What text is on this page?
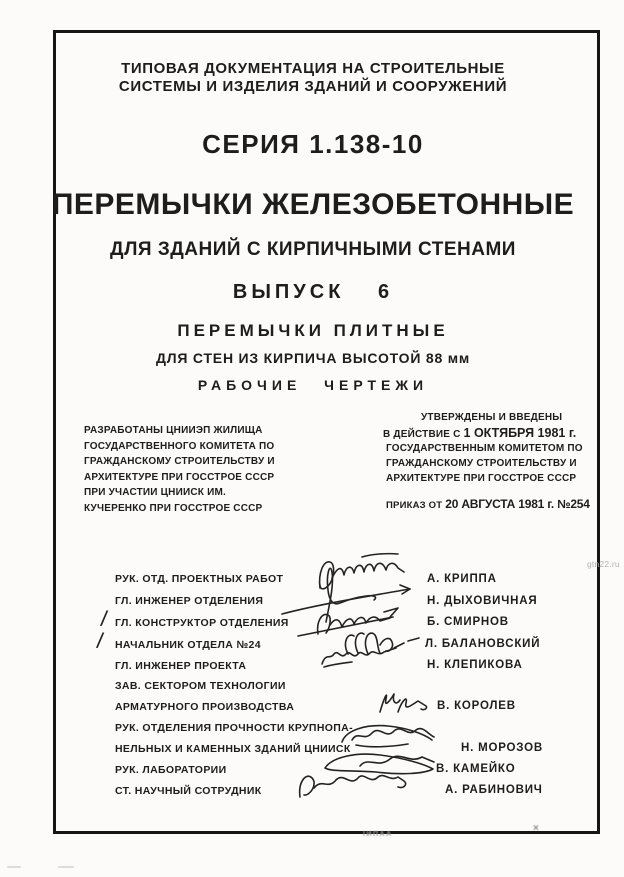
ТИПОВАЯ ДОКУМЕНТАЦИЯ НА СТРОИТЕЛЬНЫЕ
СИСТЕМЫ И ИЗДЕЛИЯ ЗДАНИЙ И СООРУЖЕНИЙ
СЕРИЯ 1.138-10
ПЕРЕМЫЧКИ ЖЕЛЕЗОБЕТОННЫЕ
ДЛЯ ЗДАНИЙ С КИРПИЧНЫМИ СТЕНАМИ
ВЫПУСК 6
ПЕРЕМЫЧКИ ПЛИТНЫЕ
ДЛЯ СТЕН ИЗ КИРПИЧА ВЫСОТОЙ 88 мм
РАБОЧИЕ ЧЕРТЕЖИ
РАЗРАБОТАНЫ ЦНИИЭП ЖИЛИЩА
ГОСУДАРСТВЕННОГО КОМИТЕТА ПО
ГРАЖДАНСКОМУ СТРОИТЕЛЬСТВУ И
АРХИТЕКТУРЕ ПРИ ГОССТРОЕ СССР
ПРИ УЧАСТИИ ЦНИИСК ИМ.
КУЧЕРЕНКО ПРИ ГОССТРОЕ СССР
УТВЕРЖДЕНЫ И ВВЕДЕНЫ
В ДЕЙСТВИЕ С 1 ОКТЯБРЯ 1981 г.
ГОСУДАРСТВЕННЫМ КОМИТЕТОМ ПО
ГРАЖДАНСКОМУ СТРОИТЕЛЬСТВУ И
АРХИТЕКТУРЕ ПРИ ГОССТРОЕ СССР
ПРИКАЗ ОТ 20 АВГУСТА 1981 г. №254
/
/
РУК. ОТД. ПРОЕКТНЫХ РАБОТ
ГЛ. ИНЖЕНЕР ОТДЕЛЕНИЯ
ГЛ. КОНСТРУКТОР ОТДЕЛЕНИЯ
НАЧАЛЬНИК ОТДЕЛА №24
ГЛ. ИНЖЕНЕР ПРОЕКТА
ЗАВ. СЕКТОРОМ ТЕХНОЛОГИИ
АРМАТУРНОГО ПРОИЗВОДСТВА
РУК. ОТДЕЛЕНИЯ ПРОЧНОСТИ КРУПНОПА-
НЕЛЬНЫХ И КАМЕННЫХ ЗДАНИЙ ЦНИИСК
РУК. ЛАБОРАТОРИИ
СТ. НАУЧНЫЙ СОТРУДНИК
А. КРИППА
Н. ДЫХОВИЧНАЯ
Б. СМИРНОВ
Л. БАЛАНОВСКИЙ
Н. КЛЕПИКОВА
В. КОРОЛЕВ
Н. МОРОЗОВ
В. КАМЕЙКО
А. РАБИНОВИЧ
gtn22.ru
ІИПАА
×
